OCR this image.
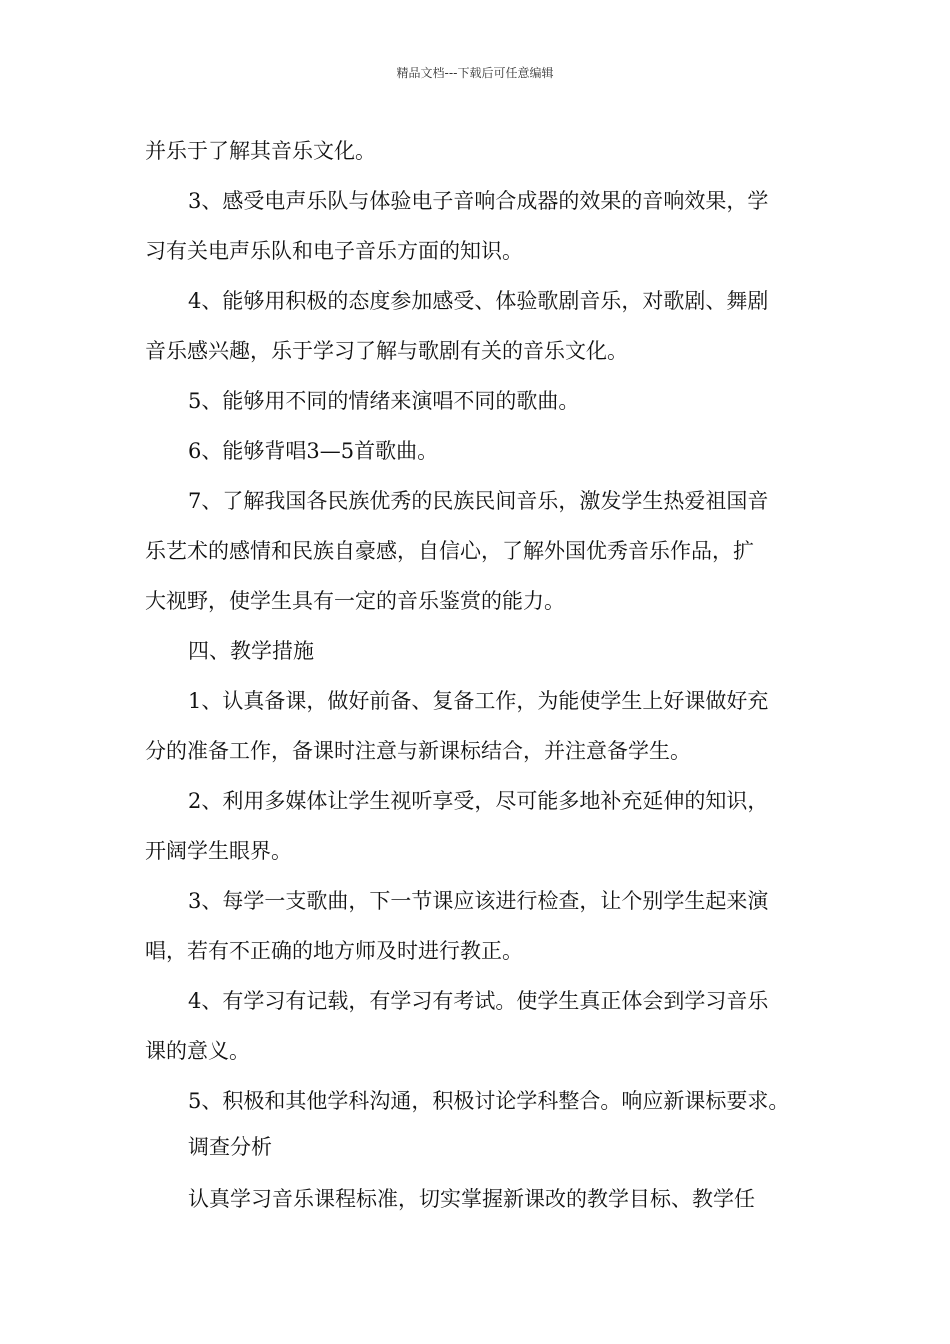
精品文档---下载后可任意编辑
并乐于了解其音乐文化。
3、感受电声乐队与体验电子音响合成器的效果的音响效果，学
习有关电声乐队和电子音乐方面的知识。
4、能够用积极的态度参加感受、体验歌剧音乐，对歌剧、舞剧
音乐感兴趣，乐于学习了解与歌剧有关的音乐文化。
5、能够用不同的情绪来演唱不同的歌曲。
6、能够背唱3—5首歌曲。
7、了解我国各民族优秀的民族民间音乐，激发学生热爱祖国音
乐艺术的感情和民族自豪感，自信心，了解外国优秀音乐作品，扩
大视野，使学生具有一定的音乐鉴赏的能力。
四、教学措施
1、认真备课，做好前备、复备工作，为能使学生上好课做好充
分的准备工作，备课时注意与新课标结合，并注意备学生。
2、利用多媒体让学生视听享受，尽可能多地补充延伸的知识，
开阔学生眼界。
3、每学一支歌曲，下一节课应该进行检查，让个别学生起来演
唱，若有不正确的地方师及时进行教正。
4、有学习有记载，有学习有考试。使学生真正体会到学习音乐
课的意义。
5、积极和其他学科沟通，积极讨论学科整合。响应新课标要求。
调查分析
认真学习音乐课程标准，切实掌握新课改的教学目标、教学任
